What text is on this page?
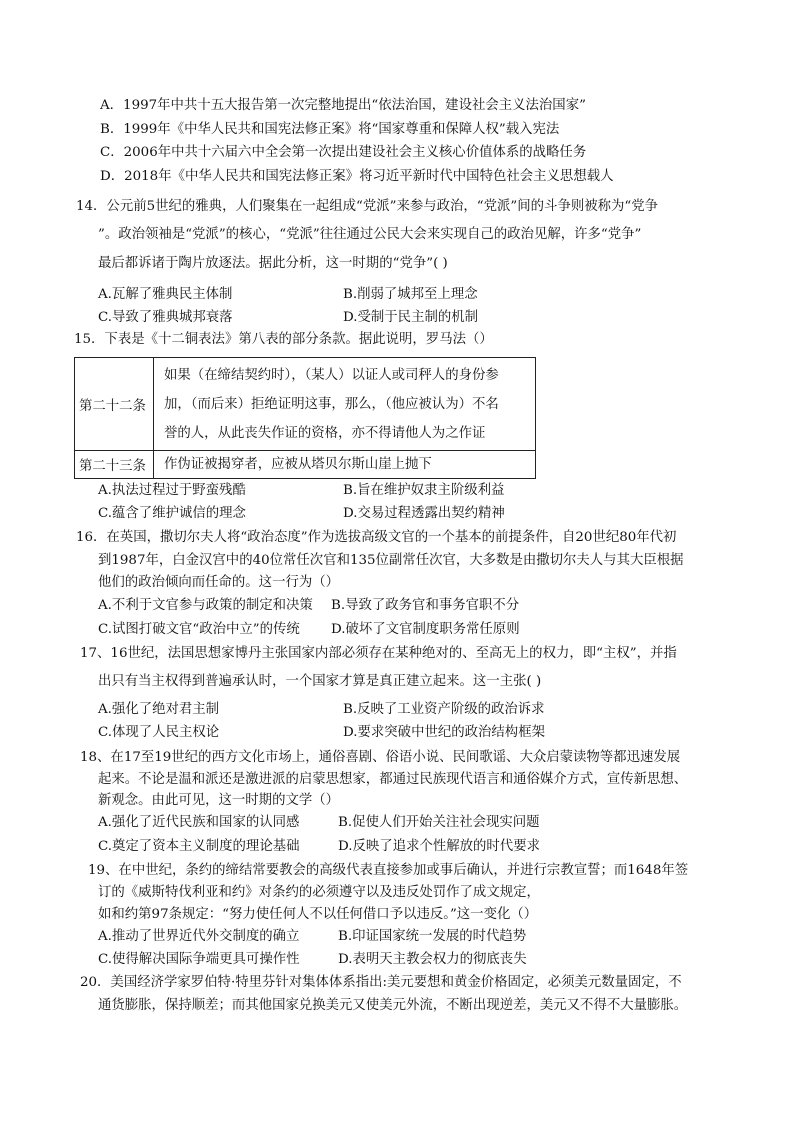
A．1997年中共十五大报告第一次完整地提出“依法治国，建设社会主义法治国家”
B．1999年《中华人民共和国宪法修正案》将“国家尊重和保障人权”载入宪法
C．2006年中共十六届六中全会第一次提出建设社会主义核心价值体系的战略任务
D．2018年《中华人民共和国宪法修正案》将习近平新时代中国特色社会主义思想载人
14．公元前5世纪的雅典，人们聚集在一起组成“党派”来参与政治，“党派”间的斗争则被称为“党争
”。政治领袖是“党派”的核心，“党派”往往通过公民大会来实现自己的政治见解，许多“党争”
最后都诉诸于陶片放逐法。据此分析，这一时期的“党争”( )
A.瓦解了雅典民主体制	B.削弱了城邦至上理念
C.导致了雅典城邦衰落	D.受制于民主制的机制
15．下表是《十二铜表法》第八表的部分条款。据此说明，罗马法（）
第二十二条	如果（在缔结契约时），（某人）以证人或司秤人的身份参
加，（而后来）拒绝证明这事，那么，（他应被认为）不名
誉的人，从此丧失作证的资格，亦不得请他人为之作证

第二十三条	作伪证被揭穿者，应被从塔贝尔斯山崖上抛下
A.执法过程过于野蛮残酷	B.旨在维护奴隶主阶级利益
C.蕴含了维护诚信的理念	D.交易过程透露出契约精神
16．在英国，撒切尔夫人将“政治态度”作为选拔高级文官的一个基本的前提条件，自20世纪80年代初
到1987年，白金汉宫中的40位常任次官和135位副常任次官，大多数是由撒切尔夫人与其大臣根据
他们的政治倾向而任命的。这一行为（）
A.不利于文官参与政策的制定和决策 B.导致了政务官和事务官职不分
C.试图打破文官“政治中立”的传统 D.破坏了文官制度职务常任原则
17、16世纪，法国思想家博丹主张国家内部必须存在某种绝对的、至高无上的权力，即“主权”，并指
出只有当主权得到普遍承认时，一个国家才算是真正建立起来。这一主张( )
A.强化了绝对君主制	B.反映了工业资产阶级的政治诉求
C.体现了人民主权论	D.要求突破中世纪的政治结构框架
18、在17至19世纪的西方文化市场上，通俗喜剧、俗语小说、民间歌谣、大众启蒙读物等都迅速发展
起来。不论是温和派还是激进派的启蒙思想家，都通过民族现代语言和通俗媒介方式，宣传新思想、
新观念。由此可见，这一时期的文学（）
A.强化了近代民族和国家的认同感	B.促使人们开始关注社会现实问题
C.奠定了资本主义制度的理论基础	D.反映了追求个性解放的时代要求
19、在中世纪，条约的缔结常要教会的高级代表直接参加或事后确认，并进行宗教宣誓；而1648年签
订的《威斯特伐利亚和约》对条约的必须遵守以及违反处罚作了成文规定，
如和约第97条规定：“努力使任何人不以任何借口予以违反。”这一变化（）
A.推动了世界近代外交制度的确立	B.印证国家统一发展的时代趋势
C.使得解决国际争端更具可操作性	D.表明天主教会权力的彻底丧失
20．美国经济学家罗伯特·特里芬针对集体体系指出:美元要想和黄金价格固定，必须美元数量固定，不
通货膨胀，保持顺差；而其他国家兑换美元又使美元外流，不断出现逆差，美元又不得不大量膨胀。
